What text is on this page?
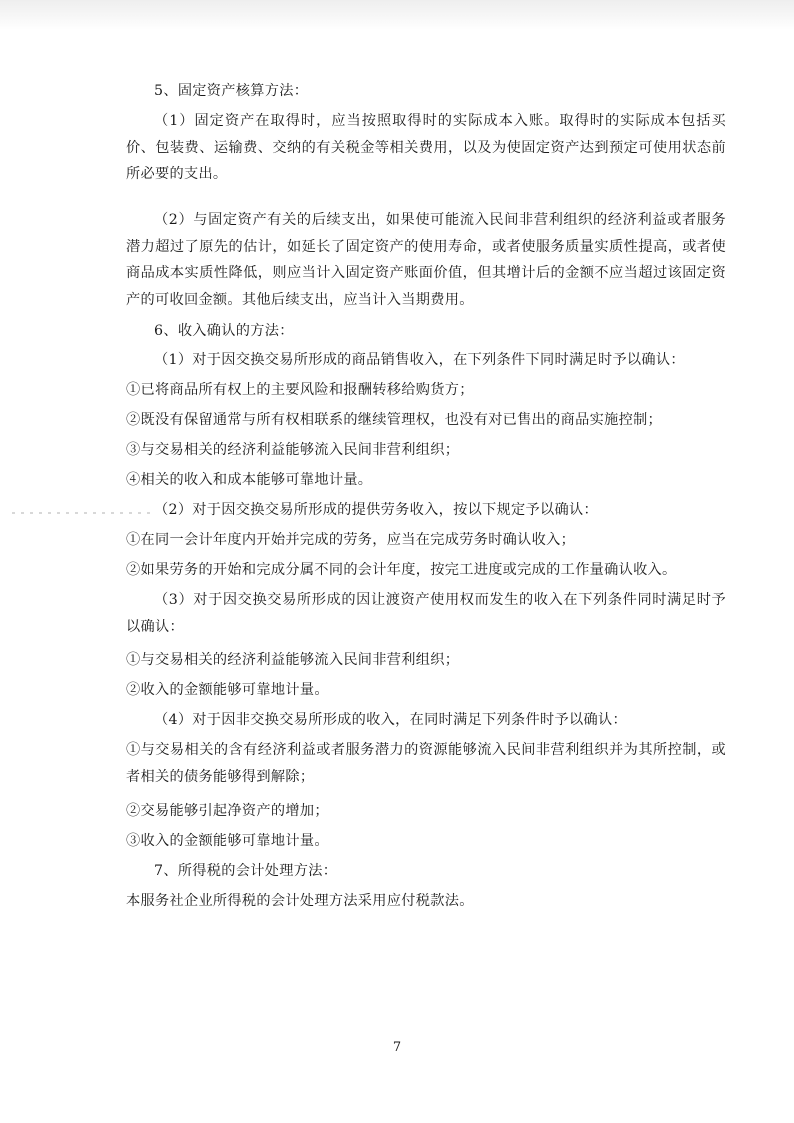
5、固定资产核算方法：

（1）固定资产在取得时，应当按照取得时的实际成本入账。取得时的实际成本包括买价、包装费、运输费、交纳的有关税金等相关费用，以及为使固定资产达到预定可使用状态前所必要的支出。

（2）与固定资产有关的后续支出，如果使可能流入民间非营利组织的经济利益或者服务潜力超过了原先的估计，如延长了固定资产的使用寿命，或者使服务质量实质性提高，或者使商品成本实质性降低，则应当计入固定资产账面价值，但其增计后的金额不应当超过该固定资产的可收回金额。其他后续支出，应当计入当期费用。

6、收入确认的方法：

（1）对于因交换交易所形成的商品销售收入，在下列条件下同时满足时予以确认：

①已将商品所有权上的主要风险和报酬转移给购货方；

②既没有保留通常与所有权相联系的继续管理权，也没有对已售出的商品实施控制；

③与交易相关的经济利益能够流入民间非营利组织；

④相关的收入和成本能够可靠地计量。

（2）对于因交换交易所形成的提供劳务收入，按以下规定予以确认：

①在同一会计年度内开始并完成的劳务，应当在完成劳务时确认收入；

②如果劳务的开始和完成分属不同的会计年度，按完工进度或完成的工作量确认收入。

（3）对于因交换交易所形成的因让渡资产使用权而发生的收入在下列条件同时满足时予以确认：

①与交易相关的经济利益能够流入民间非营利组织；

②收入的金额能够可靠地计量。

（4）对于因非交换交易所形成的收入，在同时满足下列条件时予以确认：

①与交易相关的含有经济利益或者服务潜力的资源能够流入民间非营利组织并为其所控制，或者相关的债务能够得到解除；

②交易能够引起净资产的增加；

③收入的金额能够可靠地计量。

7、所得税的会计处理方法：

本服务社企业所得税的会计处理方法采用应付税款法。

7
